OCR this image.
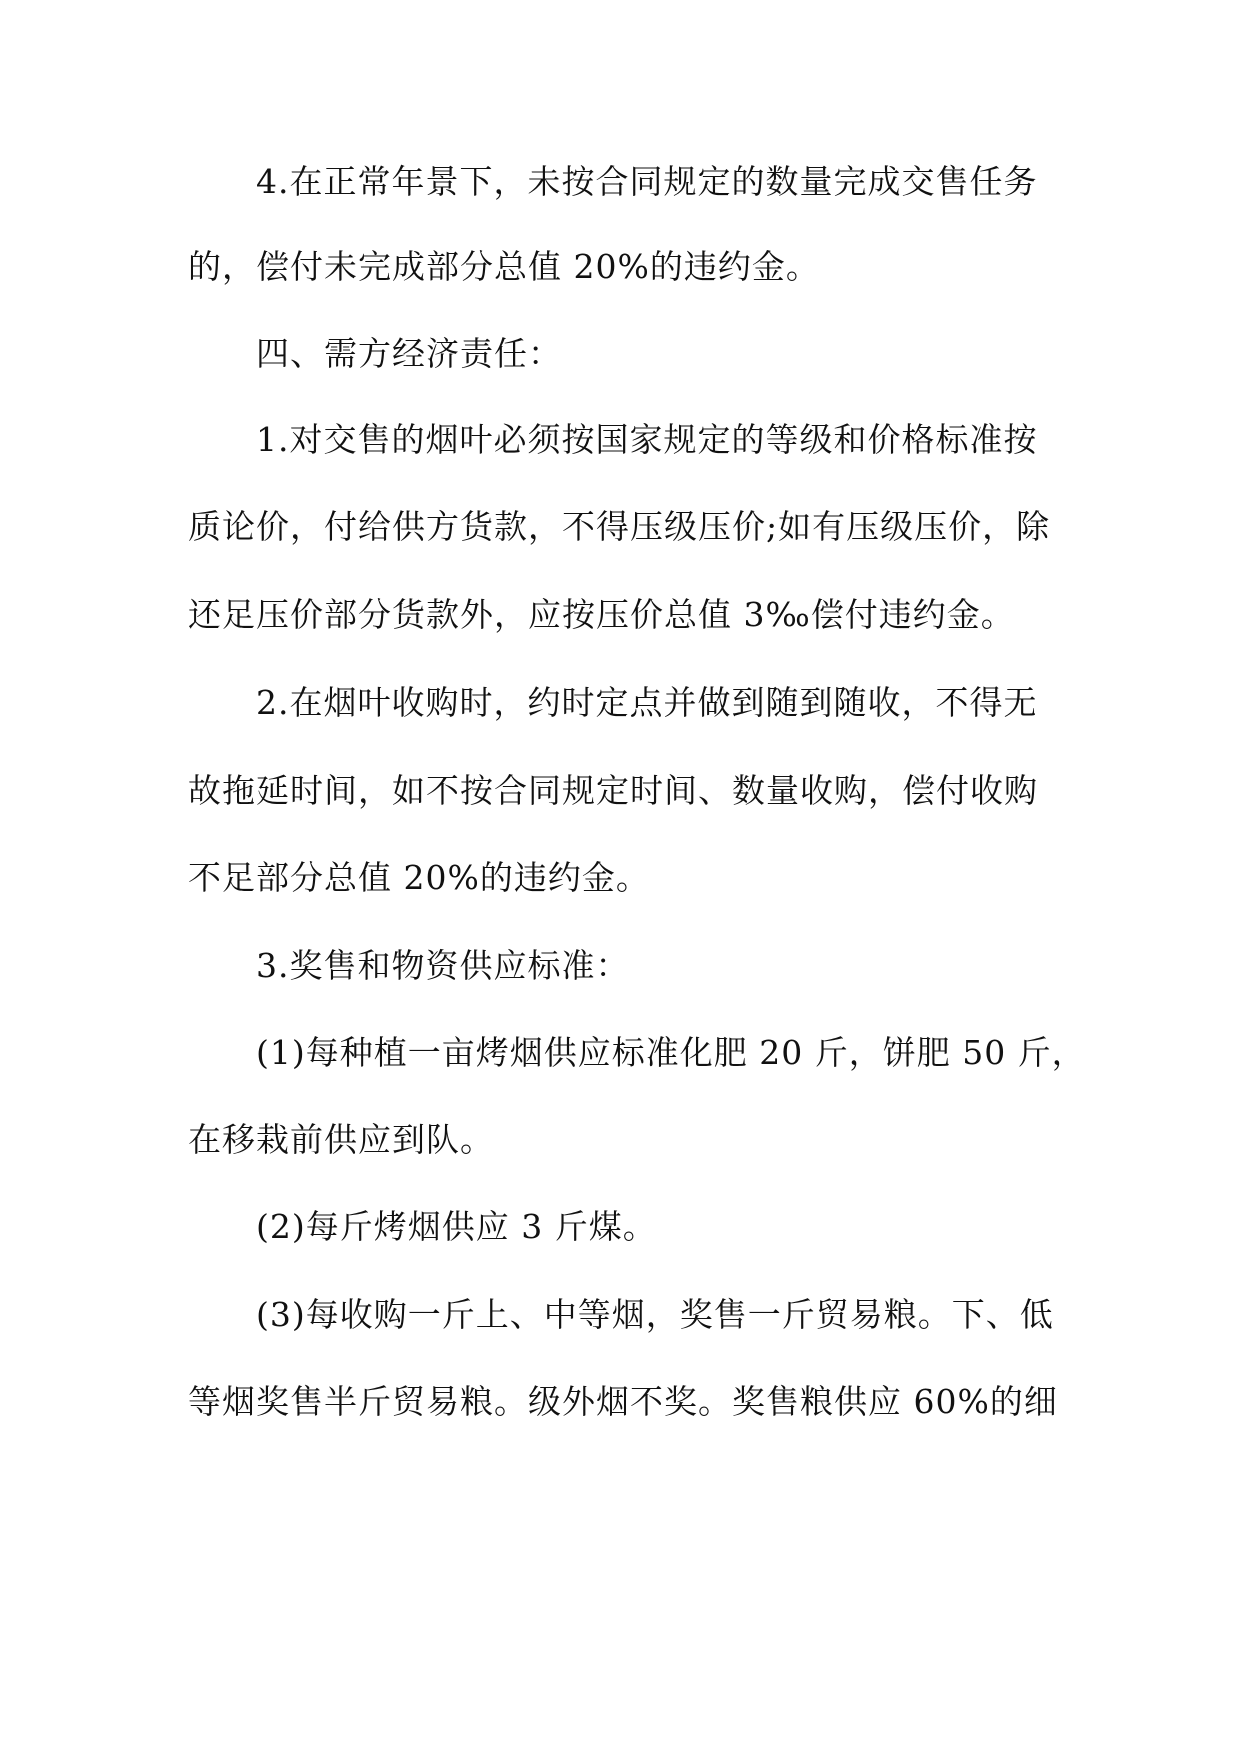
4.在正常年景下，未按合同规定的数量完成交售任务
的，偿付未完成部分总值 20%的违约金。
四、需方经济责任：
1.对交售的烟叶必须按国家规定的等级和价格标准按
质论价，付给供方货款，不得压级压价;如有压级压价，除
还足压价部分货款外，应按压价总值 3‰偿付违约金。
2.在烟叶收购时，约时定点并做到随到随收，不得无
故拖延时间，如不按合同规定时间、数量收购，偿付收购
不足部分总值 20%的违约金。
3.奖售和物资供应标准：
(1)每种植一亩烤烟供应标准化肥 20 斤，饼肥 50 斤，
在移栽前供应到队。
(2)每斤烤烟供应 3 斤煤。
(3)每收购一斤上、中等烟，奖售一斤贸易粮。下、低
等烟奖售半斤贸易粮。级外烟不奖。奖售粮供应 60%的细
